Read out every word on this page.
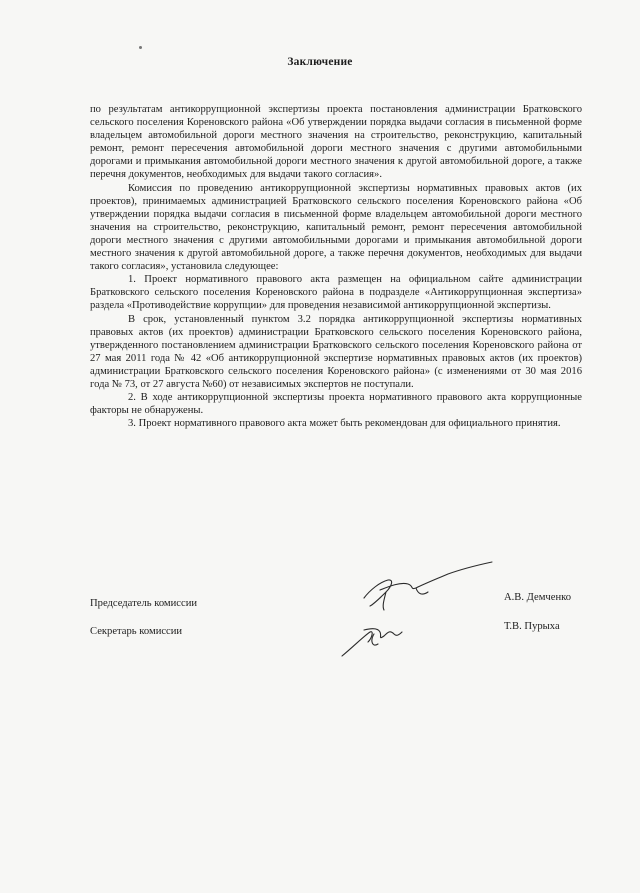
Заключение

по результатам антикоррупционной экспертизы проекта постановления администрации Братковского сельского поселения Кореновского района «Об утверждении порядка выдачи согласия в письменной форме владельцем автомобильной дороги местного значения на строительство, реконструкцию, капитальный ремонт, ремонт пересечения автомобильной дороги местного значения с другими автомобильными дорогами и примыкания автомобильной дороги местного значения к другой автомобильной дороге, а также перечня документов, необходимых для выдачи такого согласия».

Комиссия по проведению антикоррупционной экспертизы нормативных правовых актов (их проектов), принимаемых администрацией Братковского сельского поселения Кореновского района «Об утверждении порядка выдачи согласия в письменной форме владельцем автомобильной дороги местного значения на строительство, реконструкцию, капитальный ремонт, ремонт пересечения автомобильной дороги местного значения с другими автомобильными дорогами и примыкания автомобильной дороги местного значения к другой автомобильной дороге, а также перечня документов, необходимых для выдачи такого согласия», установила следующее:

1. Проект нормативного правового акта размещен на официальном сайте администрации Братковского сельского поселения Кореновского района в подразделе «Антикоррупционная экспертиза» раздела «Противодействие коррупции» для проведения независимой антикоррупционной экспертизы.

В срок, установленный пунктом 3.2 порядка антикоррупционной экспертизы нормативных правовых актов (их проектов) администрации Братковского сельского поселения Кореновского района, утвержденного постановлением администрации Братковского сельского поселения Кореновского района от 27 мая 2011 года № 42 «Об антикоррупционной экспертизе нормативных правовых актов (их проектов) администрации Братковского сельского поселения Кореновского района» (с изменениями от 30 мая 2016 года № 73, от 27 августа №60) от независимых экспертов не поступали.

2. В ходе антикоррупционной экспертизы проекта нормативного правового акта коррупционные факторы не обнаружены.

3. Проект нормативного правового акта может быть рекомендован для официального принятия.

Председатель комиссии
А.В. Демченко
Секретарь комиссии	Т.В. Пурыха
